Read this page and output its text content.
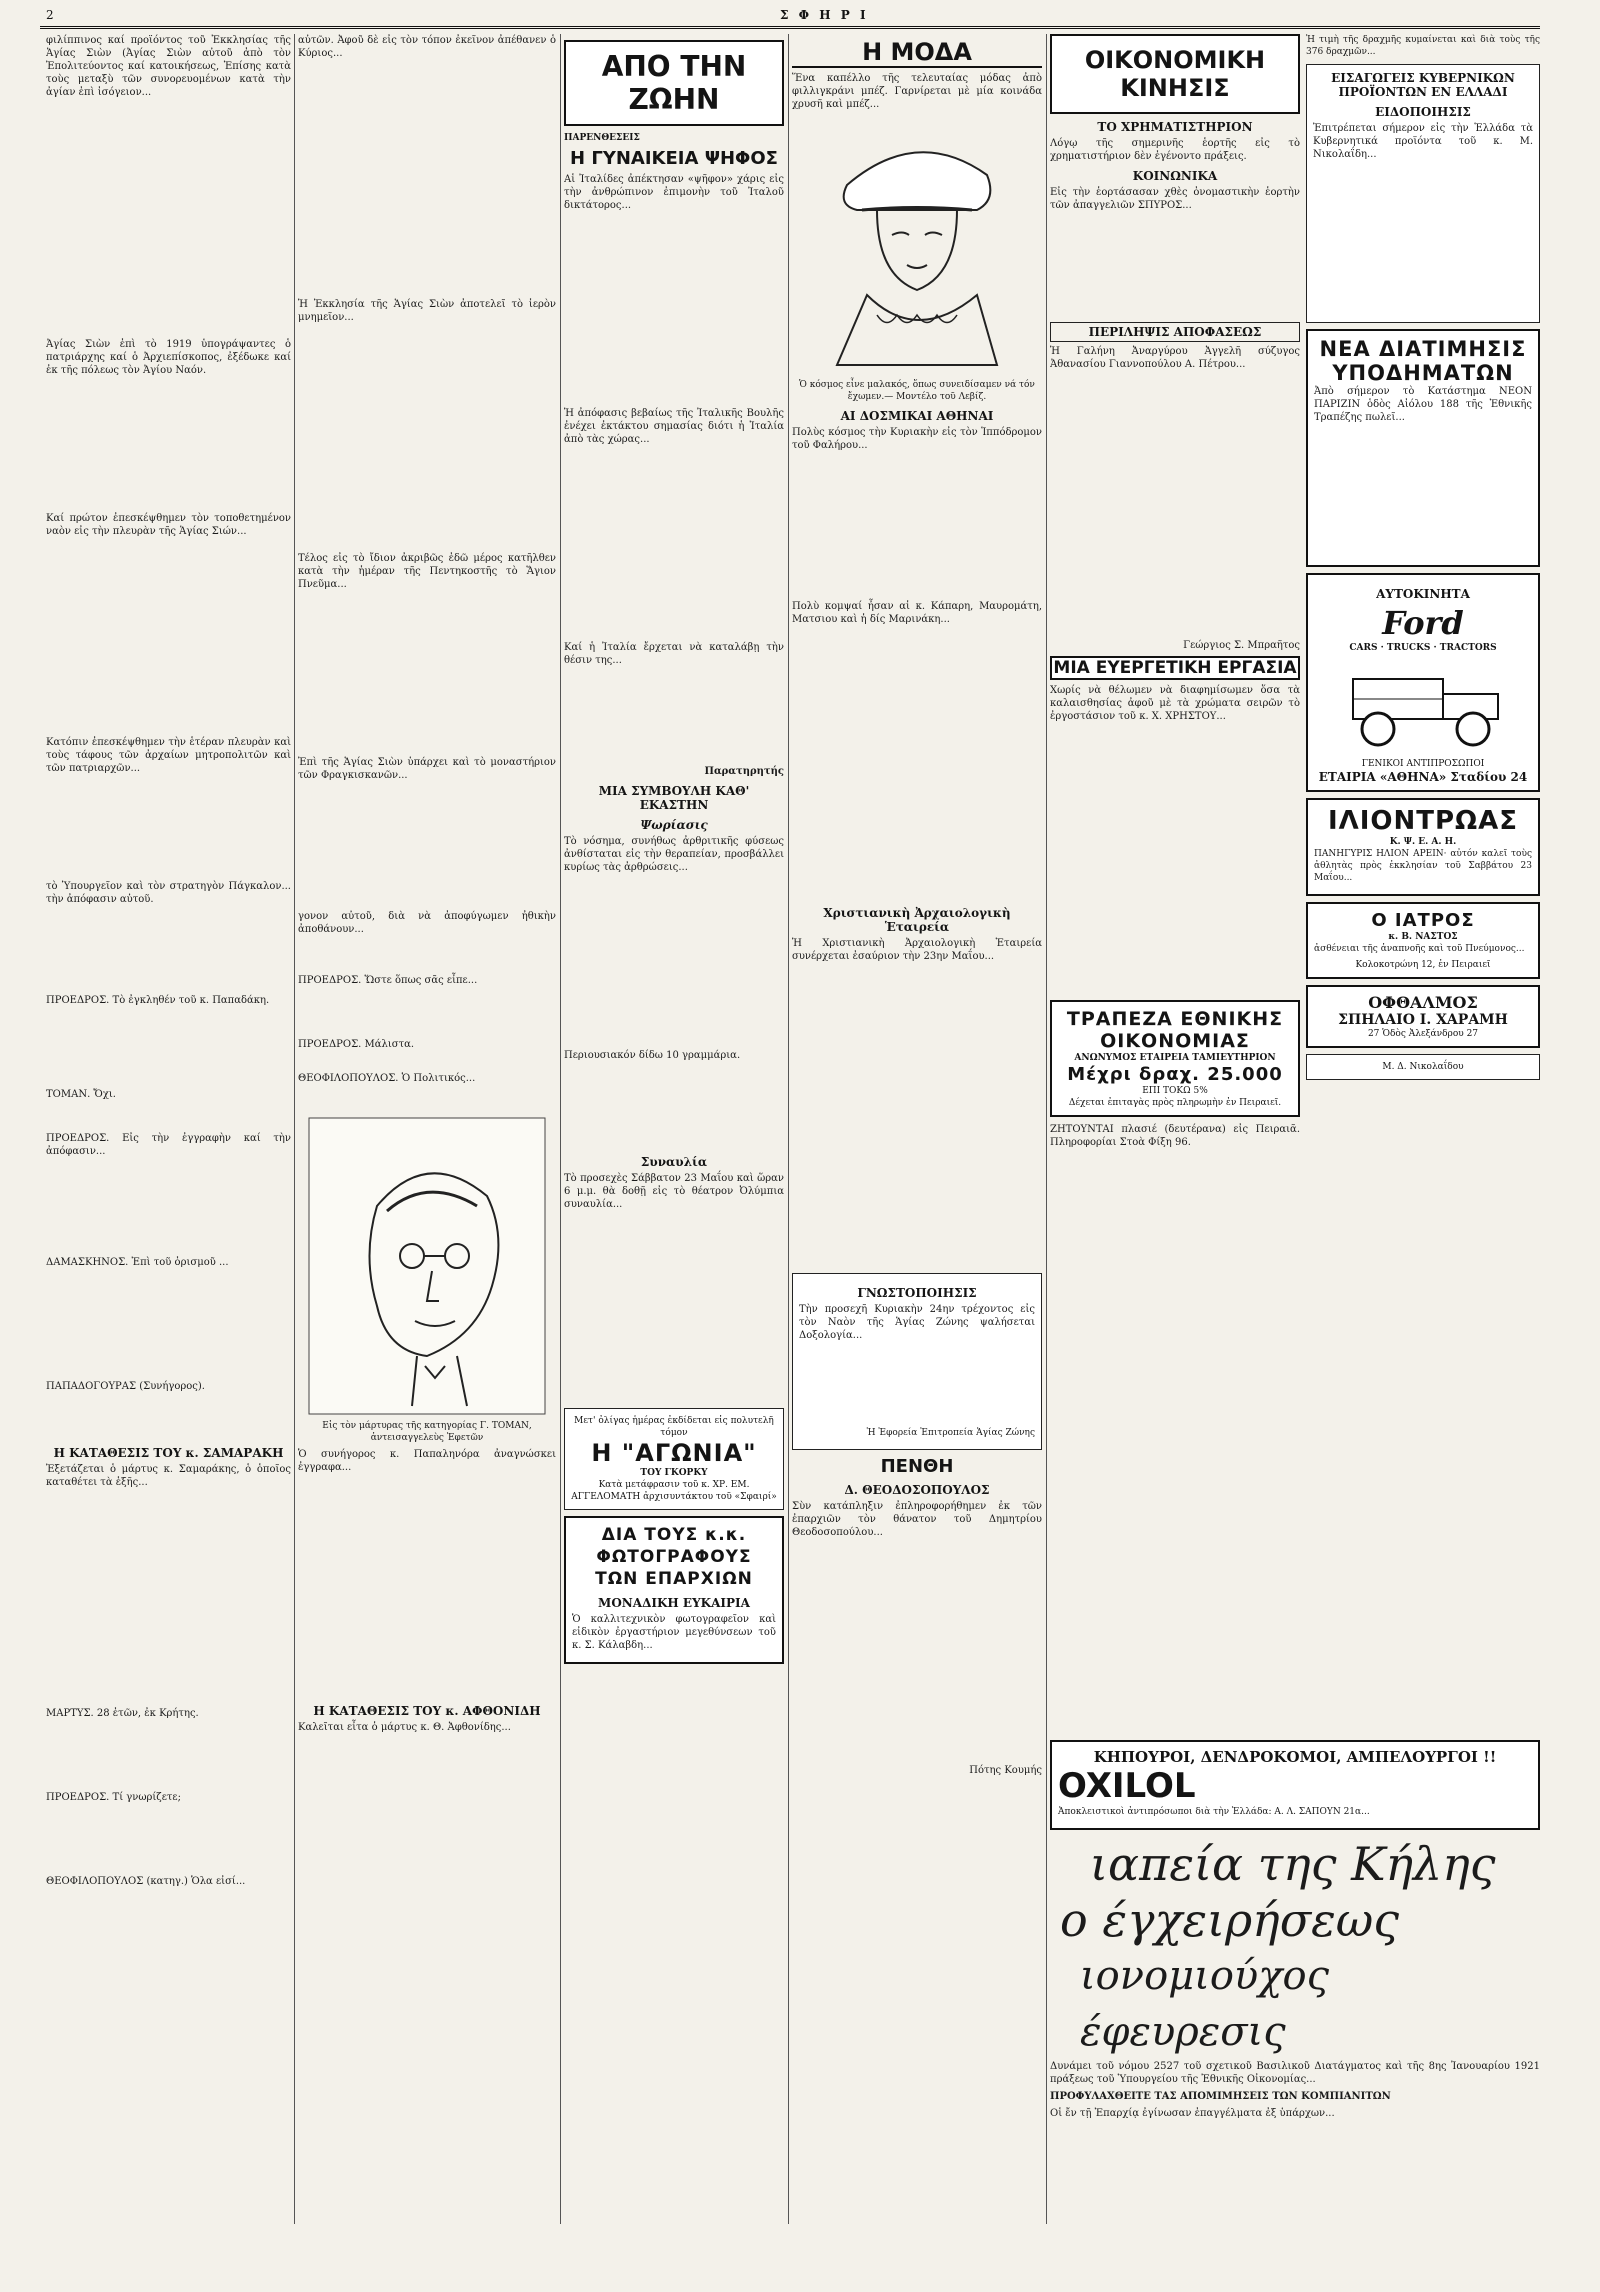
2	Σ Φ Η Ρ Ι

φιλίππινος καί προϊόντος τοῦ Ἐκκλησίας τῆς Ἁγίας Σιὼν (Ἀγίας Σιὼν αὐτοῦ ἀπὸ τὸν Ἐπολιτεύοντος καί κατοικήσεως, Ἐπίσης κατὰ τοὺς μεταξὺ τῶν συνορευομένων κατὰ τὴν ἀγίαν ἐπὶ ἰσόγειον...

Ἀγίας Σιὼν ἐπὶ τὸ 1919 ὑπογράψαντες ὁ πατριάρχης καί ὁ Ἀρχιεπίσκοπος, ἐξέδωκε καί ἐκ τῆς πόλεως τὸν Ἀγίου Ναόν.

Καί πρώτον ἐπεσκέψθημεν τὸν τοποθετημένον ναὸν εἰς τὴν πλευρὰν τῆς Ἁγίας Σιών...

Κατόπιν ἐπεσκέψθημεν τὴν ἑτέραν πλευρὰν καὶ τοὺς τάφους τῶν ἀρχαίων μητροπολιτῶν καὶ τῶν πατριαρχῶν...

τὸ Ὑπουργεῖον καὶ τὸν στρατηγὸν Πάγκαλον... τὴν ἀπόφασιν αὐτοῦ.

ΠΡΟΕΔΡΟΣ. Τὸ ἐγκληθέν τοῦ κ. Παπαδάκη.

ΤΟΜΑΝ. Ὄχι.

ΠΡΟΕΔΡΟΣ. Εἰς τὴν ἐγγραφὴν καί τὴν ἀπόφασιν...

ΔΑΜΑΣΚΗΝΟΣ. Ἐπὶ τοῦ ὀρισμοῦ ...

ΠΑΠΑΔΟΓΟΥΡΑΣ (Συνήγορος).

Η ΚΑΤΑΘΕΣΙΣ ΤΟΥ κ. ΣΑΜΑΡΑΚΗ

Ἐξετάζεται ὁ μάρτυς κ. Σαμαράκης, ὁ ὁποῖος καταθέτει τὰ ἑξῆς...

ΜΑΡΤΥΣ. 28 ἐτῶν, ἐκ Κρήτης.

ΠΡΟΕΔΡΟΣ. Τί γνωρίζετε;

ΘΕΟΦΙΛΟΠΟΥΛΟΣ (κατηγ.) Ὁλα εἰσί...

αὐτῶν. Ἀφοῦ δὲ εἰς τὸν τόπον ἐκεῖνον ἀπέθανεν ὁ Κύριος...

Ἡ Ἐκκλησία τῆς Ἁγίας Σιὼν ἀποτελεῖ τὸ ἱερὸν μνημεῖον...

Τέλος εἰς τὸ ἴδιον ἀκριβῶς ἐδῶ μέρος κατῆλθεν κατὰ τὴν ἡμέραν τῆς Πεντηκοστῆς τὸ Ἅγιον Πνεῦμα...

Ἐπὶ τῆς Ἁγίας Σιὼν ὑπάρχει καὶ τὸ μοναστήριον τῶν Φραγκισκανῶν...

γονον αὐτοῦ, διὰ νὰ ἀποφύγωμεν ἠθικὴν ἀποθάνουν...

ΠΡΟΕΔΡΟΣ. Ὥστε ὅπως σᾶς εἶπε...

ΠΡΟΕΔΡΟΣ. Μάλιστα.

ΘΕΟΦΙΛΟΠΟΥΛΟΣ. Ὁ Πολιτικός...

Εἰς τὸν μάρτυρας τῆς κατηγορίας Γ. ΤΟΜΑΝ, ἀντεισαγγελεὺς Ἐφετῶν

Ὁ συνήγορος κ. Παπαληνόρα ἀναγνώσκει ἐγγραφα...

Η ΚΑΤΑΘΕΣΙΣ ΤΟΥ κ. ΑΦΘΟΝΙΔΗ

Καλεῖται εἶτα ὁ μάρτυς κ. Θ. Ἀφθονίδης...

ΑΠΟ ΤΗΝ ΖΩΗΝ
ΠΑΡΕΝΘΕΣΕΙΣ
Η ΓΥΝΑΙΚΕΙΑ ΨΗΦΟΣ

Αἱ Ἰταλίδες ἀπέκτησαν «ψῆφον» χάρις εἰς τὴν ἀνθρώπινον ἐπιμονὴν τοῦ Ἰταλοῦ δικτάτορος...

Ἡ ἀπόφασις βεβαίως τῆς Ἰταλικῆς Βουλῆς ἐνέχει ἐκτάκτου σημασίας διότι ἡ Ἰταλία ἀπὸ τὰς χώρας...

Καί ἡ Ἰταλία ἔρχεται νὰ καταλάβῃ τὴν θέσιν της...

Παρατηρητής

ΜΙΑ ΣΥΜΒΟΥΛΗ ΚΑΘ' ΕΚΑΣΤΗΝ
Ψωρίασις

Τὸ νόσημα, συνήθως ἀρθριτικῆς φύσεως ἀνθίσταται εἰς τὴν θεραπείαν, προσβάλλει κυρίως τὰς ἀρθρώσεις...

Περιουσιακόν δίδω 10 γραμμάρια.

Συναυλία

Τὸ προσεχὲς Σάββατον 23 Μαΐου καὶ ὥραν 6 μ.μ. θὰ δοθῇ εἰς τὸ θέατρον Ὀλύμπια συναυλία...

Μετ' ὀλίγας ἡμέρας ἐκδίδεται εἰς πολυτελῆ τόμον
Η "ΑΓΩΝΙΑ"
ΤΟΥ ΓΚΟΡΚΥ
Κατὰ μετάφρασιν τοῦ κ. ΧΡ. ΕΜ. ΑΓΓΕΛΟΜΑΤΗ ἀρχισυντάκτου τοῦ «Σφαιρί»
ΔΙΑ ΤΟΥΣ κ.κ. ΦΩΤΟΓΡΑΦΟΥΣ ΤΩΝ ΕΠΑΡΧΙΩΝ
ΜΟΝΑΔΙΚΗ ΕΥΚΑΙΡΙΑ

Ὁ καλλιτεχνικὸν φωτογραφεῖον καὶ εἰδικὸν ἐργαστήριον μεγεθύνσεων τοῦ κ. Σ. Κάλαβδη...

Η ΜΟΔΑ

Ἕνα καπέλλο τῆς τελευταίας μόδας ἀπὸ φιλλιγκράνι μπέζ. Γαρνίρεται μὲ μία κοινάδα χρυσῆ καὶ μπέζ...

Ὁ κόσμος εἶνε μαλακός, ὅπως συνειδίσαμεν νά τόν ἔχωμεν.— Μοντέλο τοῦ Λεβίζ.

ΑΙ ΔΟΣΜΙΚΑΙ ΑΘΗΝΑΙ

Πολὺς κόσμος τὴν Κυριακὴν εἰς τὸν Ἱππόδρομον τοῦ Φαλήρου...

Πολὺ κομψαί ἦσαν αἱ κ. Κάπαρη, Μαυρομάτη, Ματσιου καὶ ἡ δίς Μαρινάκη...

Χριστιανικὴ Ἀρχαιολογικὴ Ἑταιρεία

Ἡ Χριστιανικὴ Ἀρχαιολογικὴ Ἑταιρεία συνέρχεται ἐσαύριον τὴν 23ην Μαΐου...

ΓΝΩΣΤΟΠΟΙΗΣΙΣ

Τὴν προσεχῆ Κυριακὴν 24ην τρέχοντος εἰς τὸν Ναὸν τῆς Ἁγίας Ζώνης ψαλήσεται Δοξολογία...

Ἡ Ἐφορεία Ἐπιτροπεία Ἁγίας Ζώνης

ΠΕΝΘΗ
Δ. ΘΕΟΔΟΣΟΠΟΥΛΟΣ

Σὺν κατάπληξιν ἐπληροφορήθημεν ἐκ τῶν ἐπαρχιῶν τὸν θάνατον τοῦ Δημητρίου Θεοδοσοπούλου...

Πότης Κουμής

ΟΙΚΟΝΟΜΙΚΗ ΚΙΝΗΣΙΣ
ΤΟ ΧΡΗΜΑΤΙΣΤΗΡΙΟΝ

Λόγῳ τῆς σημερινῆς ἑορτῆς εἰς τὸ χρηματιστήριον δὲν ἐγένοντο πράξεις.

ΚΟΙΝΩΝΙΚΑ

Εἰς τὴν ἑορτάσασαν χθὲς ὀνομαστικὴν ἑορτὴν τῶν ἀπαγγελιῶν ΣΠΥΡΟΣ...

ΠΕΡΙΛΗΨΙΣ ΑΠΟΦΑΣΕΩΣ

Ἡ Γαλήνη Ἀναργύρου Ἀγγελῆ σύζυγος Ἀθανασίου Γιαννοπούλου Α. Πέτρου...

Γεώργιος Σ. Μπραῆτος

ΜΙΑ ΕΥΕΡΓΕΤΙΚΗ ΕΡΓΑΣΙΑ

Χωρίς νὰ θέλωμεν νὰ διαφημίσωμεν ὅσα τὰ καλαισθησίας ἀφοῦ μὲ τὰ χρώματα σειρῶν τὸ ἐργοστάσιον τοῦ κ. Χ. ΧΡΗΣΤΟΥ...

ΤΡΑΠΕΖΑ ΕΘΝΙΚΗΣ ΟΙΚΟΝΟΜΙΑΣ
ΑΝΩΝΥΜΟΣ ΕΤΑΙΡΕΙΑ ΤΑΜΙΕΥΤΗΡΙΟΝ
Μέχρι δραχ. 25.000
ΕΠΙ ΤΟΚΩ 5%
Δέχεται ἐπιταγὰς πρὸς πληρωμὴν ἐν Πειραιεῖ.

ΖΗΤΟΥΝΤΑΙ πλασιέ (δευτέρανα) εἰς Πειραιᾶ. Πληροφορίαι Στοὰ Φίξη 96.

Ἡ τιμὴ τῆς δραχμῆς κυμαίνεται καὶ διὰ τοὺς τῆς 376 δραχμῶν...

ΕΙΣΑΓΩΓΕΙΣ ΚΥΒΕΡΝΙΚΩΝ ΠΡΟΪΟΝΤΩΝ ΕΝ ΕΛΛΑΔΙ
ΕΙΔΟΠΟΙΗΣΙΣ

Ἐπιτρέπεται σήμερον εἰς τὴν Ἑλλάδα τὰ Κυβερνητικά προϊόντα τοῦ κ. Μ. Νικολαΐδη...

ΝΕΑ ΔΙΑΤΙΜΗΣΙΣ ΥΠΟΔΗΜΑΤΩΝ

Ἀπὸ σήμερον τὸ Κατάστημα ΝΕΟΝ ΠΑΡΙΖΙΝ ὁδὸς Αἰόλου 188 τῆς Ἐθνικῆς Τραπέζης πωλεῖ...

ΑΥΤΟΚΙΝΗΤΑ
Ford
CARS · TRUCKS · TRACTORS
ΓΕΝΙΚΟΙ ΑΝΤΙΠΡΟΣΩΠΟΙ
ΕΤΑΙΡΙΑ «ΑΘΗΝΑ» Σταδίου 24
ΙΛΙΟΝΤΡΩΑΣ
Κ. Ψ. Ε. Α. Η.

ΠΑΝΗΓΥΡΙΣ ΗΛΙΟΝ ΑΡΕΙΝ· αὐτόν καλεῖ τοὺς ἀθλητὰς πρὸς ἐκκλησίαν τοῦ Σαββάτου 23 Μαΐου...

Ο ΙΑΤΡΟΣ
κ. Β. ΝΑΣΤΟΣ

ἀσθένειαι τῆς ἀναπνοῆς καὶ τοῦ Πνεύμονος...

Κολοκοτρώνη 12, ἐν Πειραιεῖ
ΟΦΘΑΛΜΟΣ
ΣΠΗΛΑΙΟ Ι. ΧΑΡΑΜΗ
27 Ὁδὸς Ἀλεξάνδρου 27
Μ. Δ. Νικολαΐδου
ΚΗΠΟΥΡΟΙ, ΔΕΝΔΡΟΚΟΜΟΙ, ΑΜΠΕΛΟΥΡΓΟΙ !!
OXILOL

Ἀποκλειστικοὶ ἀντιπρόσωποι διὰ τὴν Ἑλλάδα: Α. Λ. ΣΑΠΟΥΝ 21α...

ιαπεία της Κήλης
ο έγχειρήσεως
ιονομιούχος έφευρεσις

Δυνάμει τοῦ νόμου 2527 τοῦ σχετικοῦ Βασιλικοῦ Διατάγματος καὶ τῆς 8ης Ἰανουαρίου 1921 πράξεως τοῦ Ὑπουργείου τῆς Ἐθνικῆς Οἰκονομίας...

ΠΡΟΦΥΛΑΧΘΕΙΤΕ ΤΑΣ ΑΠΟΜΙΜΗΣΕΙΣ ΤΩΝ ΚΟΜΠΙΑΝΙΤΩΝ

Οἱ ἔν τῇ Ἐπαρχίᾳ ἐγίνωσαν ἐπαγγέλματα ἐξ ὑπάρχων...
